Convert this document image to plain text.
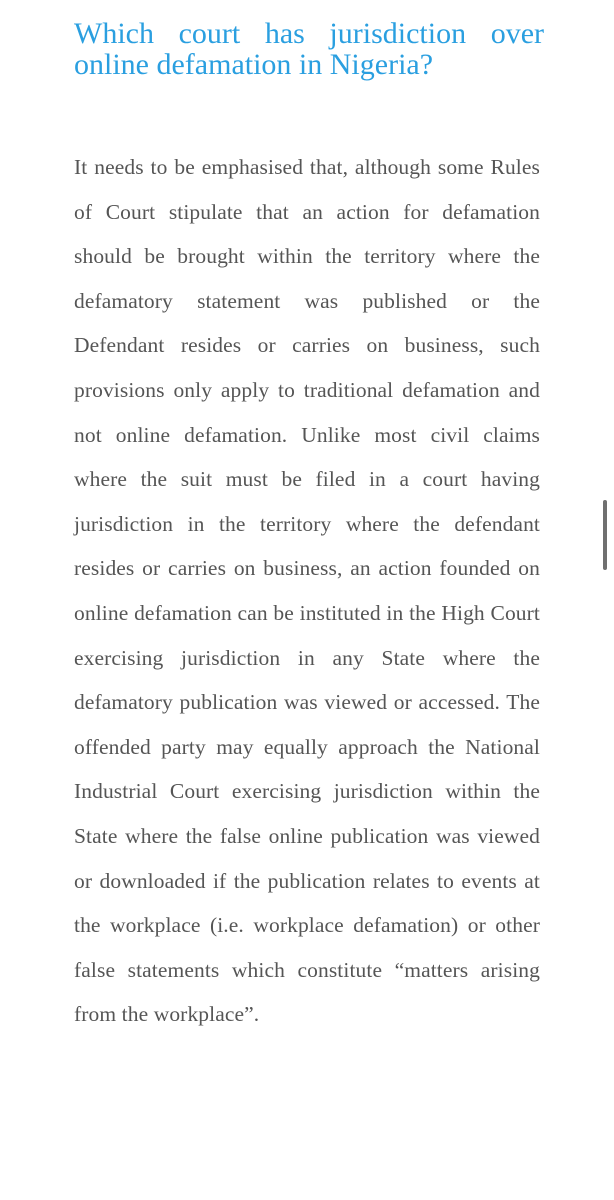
Which court has jurisdiction over online defamation in Nigeria?

It needs to be emphasised that, although some Rules of Court stipulate that an action for defamation should be brought within the territory where the defamatory statement was published or the Defendant resides or carries on business, such provisions only apply to traditional defamation and not online defamation. Unlike most civil claims where the suit must be filed in a court having jurisdiction in the territory where the defendant resides or carries on business, an action founded on online defamation can be instituted in the High Court exercising jurisdiction in any State where the defamatory publication was viewed or accessed. The offended party may equally approach the National Industrial Court exercising jurisdiction within the State where the false online publication was viewed or downloaded if the publication relates to events at the workplace (i.e. workplace defamation) or other false statements which constitute “matters arising from the workplace”.
